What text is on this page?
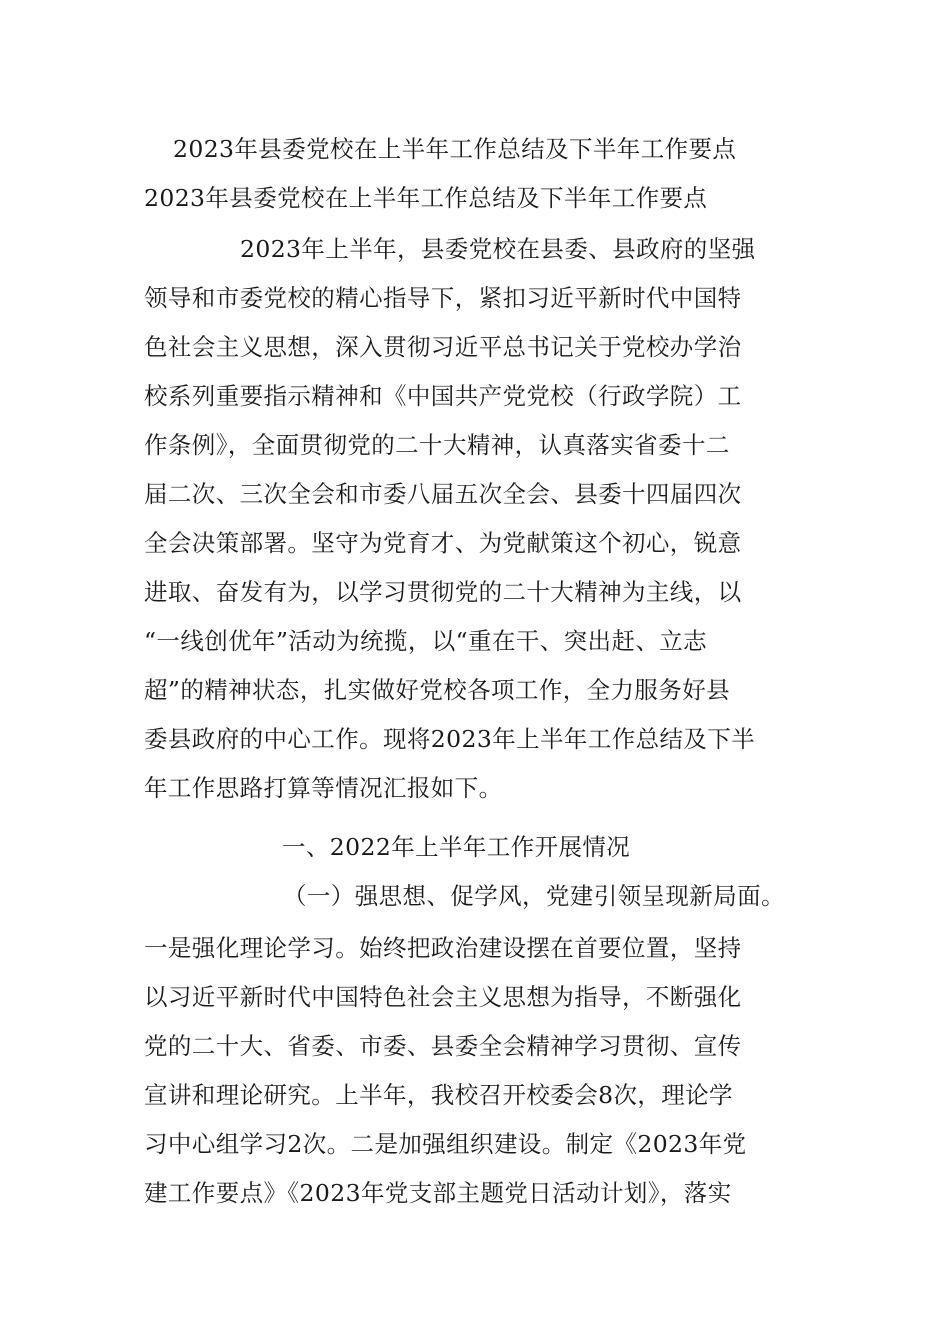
2023年县委党校在上半年工作总结及下半年工作要点
2023年县委党校在上半年工作总结及下半年工作要点
2023年上半年，县委党校在县委、县政府的坚强
领导和市委党校的精心指导下，紧扣习近平新时代中国特
色社会主义思想，深入贯彻习近平总书记关于党校办学治
校系列重要指示精神和《中国共产党党校（行政学院）工
作条例》，全面贯彻党的二十大精神，认真落实省委十二
届二次、三次全会和市委八届五次全会、县委十四届四次
全会决策部署。坚守为党育才、为党献策这个初心，锐意
进取、奋发有为，以学习贯彻党的二十大精神为主线，以
“一线创优年”活动为统揽，以“重在干、突出赶、立志
超”的精神状态，扎实做好党校各项工作，全力服务好县
委县政府的中心工作。现将2023年上半年工作总结及下半
年工作思路打算等情况汇报如下。
一、2022年上半年工作开展情况
（一）强思想、促学风，党建引领呈现新局面。
一是强化理论学习。始终把政治建设摆在首要位置，坚持
以习近平新时代中国特色社会主义思想为指导，不断强化
党的二十大、省委、市委、县委全会精神学习贯彻、宣传
宣讲和理论研究。上半年，我校召开校委会8次，理论学
习中心组学习2次。二是加强组织建设。制定《2023年党
建工作要点》《2023年党支部主题党日活动计划》，落实
